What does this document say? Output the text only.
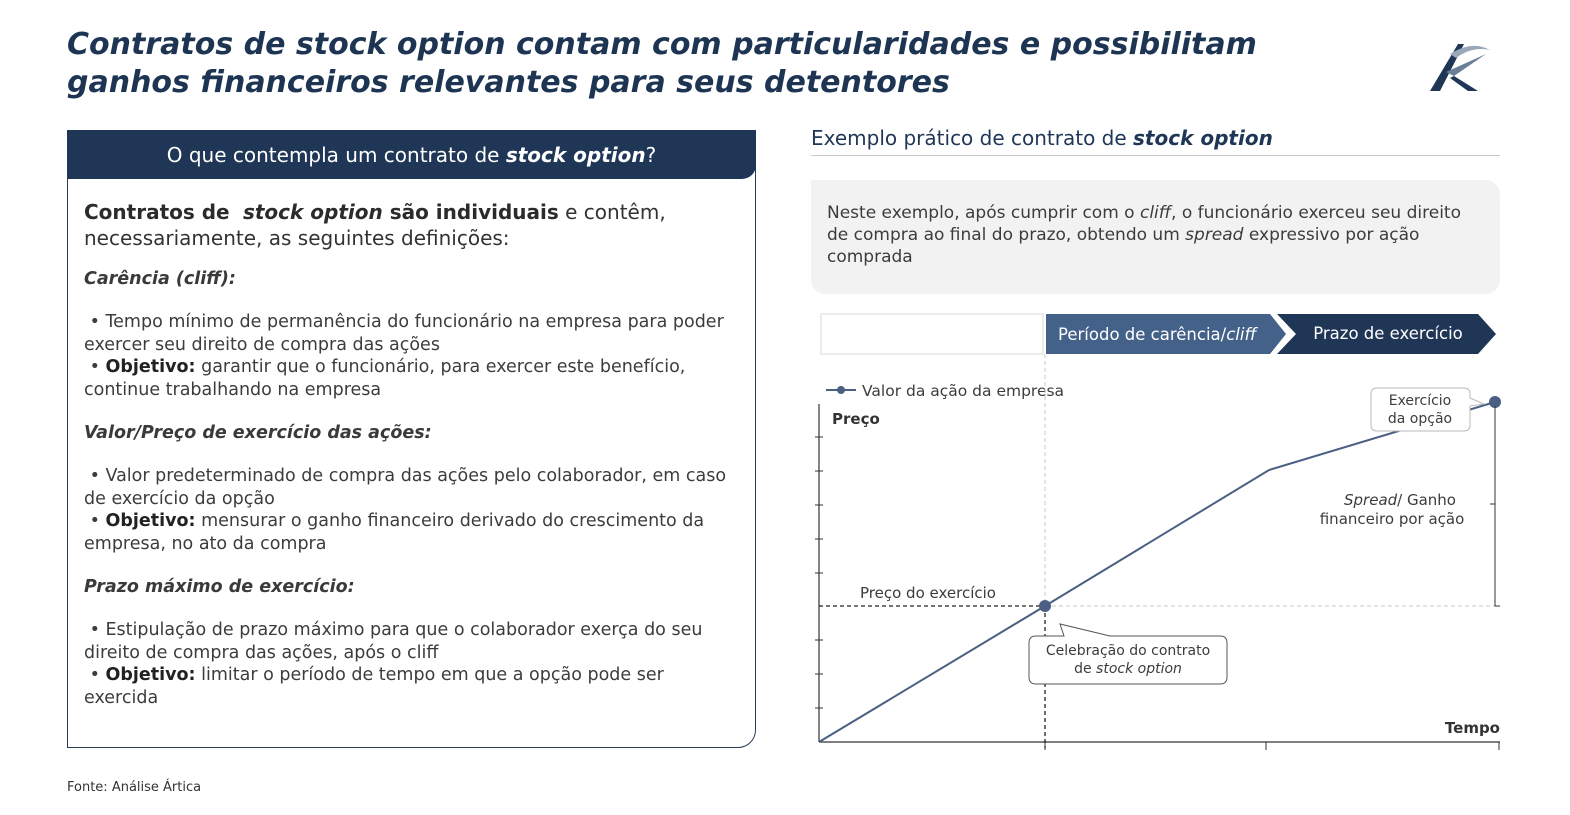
Contratos de stock option contam com particularidades e possibilitam
ganhos financeiros relevantes para seus detentores
O que contempla um contrato de
stock option ?
Contratos de  stock option são individuais e contêm, necessariamente, as seguintes definições:
Carência (cliff):
• Tempo mínimo de permanência do funcionário na empresa para poder exercer seu direito de compra das ações
• Objetivo: garantir que o funcionário, para exercer este benefício, continue trabalhando na empresa
Valor/Preço de exercício das ações:
• Valor predeterminado de compra das ações pelo colaborador, em caso de exercício da opção
• Objetivo: mensurar o ganho financeiro derivado do crescimento da empresa, no ato da compra
Prazo máximo de exercício:
• Estipulação de prazo máximo para que o colaborador exerça do seu direito de compra das ações, após o cliff
• Objetivo: limitar o período de tempo em que a opção pode ser exercida
Fonte: Análise Ártica
Exemplo prático de contrato de stock option
Neste exemplo, após cumprir com o cliff, o funcionário exerceu seu direito de compra ao final do prazo, obtendo um spread expressivo por ação comprada
Período de carência/cliff	Prazo de exercício
Valor da ação da empresa
Preço
Tempo
Preço do exercício
Spread/ Ganho
financeiro por ação
Exercício
da opção
Celebração do contrato
de stock option
